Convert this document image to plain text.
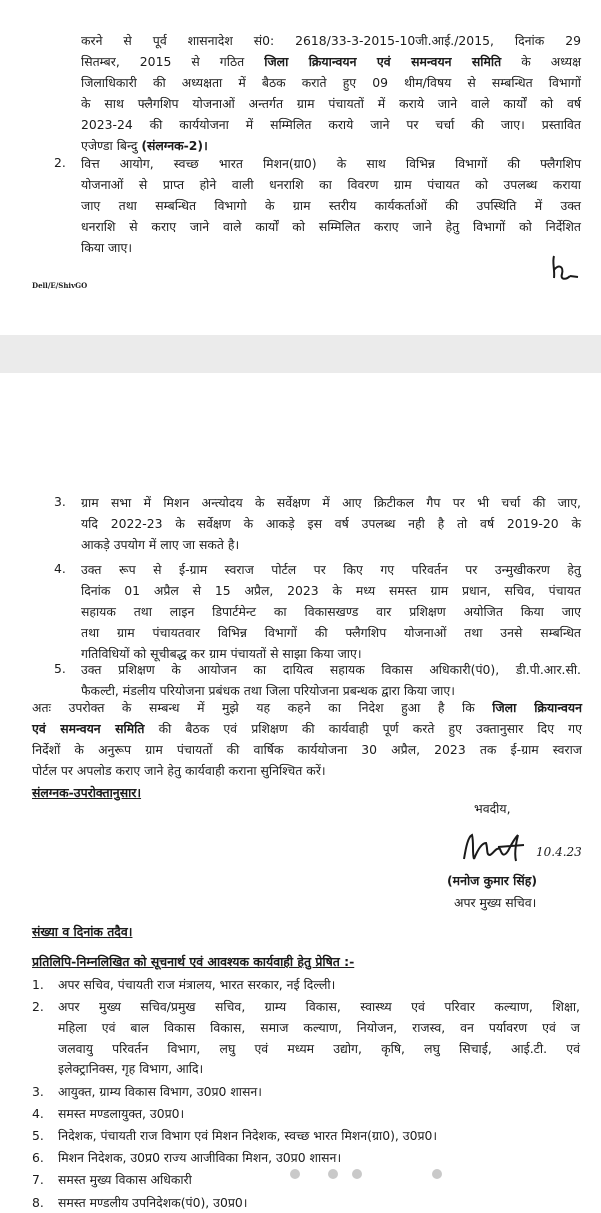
करने से पूर्व शासनादेश सं0: 2618/33-3-2015-10जी.आई./2015, दिनांक 29
सितम्बर, 2015 से गठित जिला क्रियान्वयन एवं समन्वयन समिति के अध्यक्ष
जिलाधिकारी की अध्यक्षता में बैठक कराते हुए 09 थीम/विषय से सम्बन्धित विभागों
के साथ फ्लैगशिप योजनाओं अन्तर्गत ग्राम पंचायतों में कराये जाने वाले कार्यों को वर्ष
2023-24 की कार्ययोजना में सम्मिलित कराये जाने पर चर्चा की जाए। प्रस्तावित
एजेण्डा बिन्दु (संलग्नक-2)।
2. वित्त आयोग, स्वच्छ भारत मिशन(ग्रा0) के साथ विभिन्न विभागों की फ्लैगशिप
योजनाओं से प्राप्त होने वाली धनराशि का विवरण ग्राम पंचायत को उपलब्ध कराया
जाए तथा सम्बन्धित विभागो के ग्राम स्तरीय कार्यकर्ताओं की उपस्थिति में उक्त
धनराशि से कराए जाने वाले कार्यों को सम्मिलित कराए जाने हेतु विभागों को निर्देशित
किया जाए।
Dell/E/ShivGO
3. ग्राम सभा में मिशन अन्त्योदय के सर्वेक्षण में आए क्रिटीकल गैप पर भी चर्चा की जाए,
यदि 2022-23 के सर्वेक्षण के आकड़े इस वर्ष उपलब्ध नही है तो वर्ष 2019-20 के
आकड़े उपयोग में लाए जा सकते है।
4. उक्त रूप से ई-ग्राम स्वराज पोर्टल पर किए गए परिवर्तन पर उन्मुखीकरण हेतु
दिनांक 01 अप्रैल से 15 अप्रैल, 2023 के मध्य समस्त ग्राम प्रधान, सचिव, पंचायत
सहायक तथा लाइन डिपार्टमेन्ट का विकासखण्ड वार प्रशिक्षण अयोजित किया जाए
तथा ग्राम पंचायतवार विभिन्न विभागों की फ्लैगशिप योजनाओं तथा उनसे सम्बन्धित
गतिविधियों को सूचीबद्ध कर ग्राम पंचायतों से साझा किया जाए।
5. उक्त प्रशिक्षण के आयोजन का दायित्व सहायक विकास अधिकारी(पं0), डी.पी.आर.सी.
फैकल्टी, मंडलीय परियोजना प्रबंधक तथा जिला परियोजना प्रबन्धक द्वारा किया जाए।
अतः उपरोक्त के सम्बन्ध में मुझे यह कहने का निदेश हुआ है कि जिला क्रियान्वयन
एवं समन्वयन समिति की बैठक एवं प्रशिक्षण की कार्यवाही पूर्ण करते हुए उक्तानुसार दिए गए
निर्देशों के अनुरूप ग्राम पंचायतों की वार्षिक कार्ययोजना 30 अप्रैल, 2023 तक ई-ग्राम स्वराज
पोर्टल पर अपलोड कराए जाने हेतु कार्यवाही कराना सुनिश्चित करें।
संलग्नक-उपरोक्तानुसार।
भवदीय,
10.4.23
(मनोज कुमार सिंह)
अपर मुख्य सचिव।
संख्या व दिनांक तदैव।
प्रतिलिपि-निम्नलिखित को सूचनार्थ एवं आवश्यक कार्यवाही हेतु प्रेषित :-
1. अपर सचिव, पंचायती राज मंत्रालय, भारत सरकार, नई दिल्ली।
2. अपर मुख्य सचिव/प्रमुख सचिव, ग्राम्य विकास, स्वास्थ्य एवं परिवार कल्याण, शिक्षा,
महिला एवं बाल विकास विकास, समाज कल्याण, नियोजन, राजस्व, वन पर्यावरण एवं ज
जलवायु परिवर्तन विभाग, लघु एवं मध्यम उद्योग, कृषि, लघु सिचाई, आई.टी. एवं
इलेक्ट्रानिक्स, गृह विभाग, आदि।
3. आयुक्त, ग्राम्य विकास विभाग, उ0प्र0 शासन।
4. समस्त मण्डलायुक्त, उ0प्र0।
5. निदेशक, पंचायती राज विभाग एवं मिशन निदेशक, स्वच्छ भारत मिशन(ग्रा0), उ0प्र0।
6. मिशन निदेशक, उ0प्र0 राज्य आजीविका मिशन, उ0प्र0 शासन।
7. समस्त मुख्य विकास अधिकारी
8. समस्त मण्डलीय उपनिदेशक(पं0), उ0प्र0।
